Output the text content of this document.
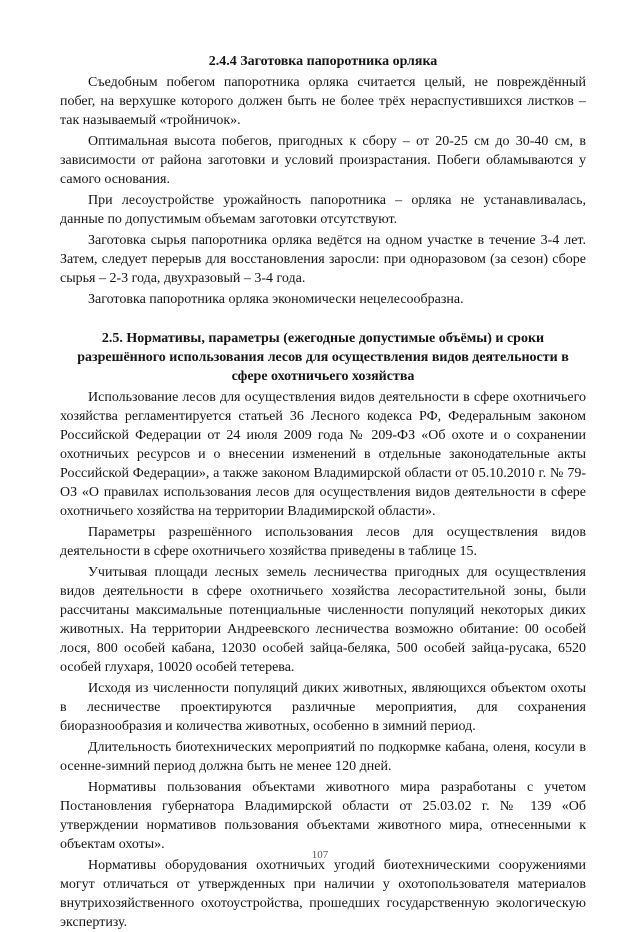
2.4.4 Заготовка папоротника орляка

Съедобным побегом папоротника орляка считается целый, не повреждённый побег, на верхушке которого должен быть не более трёх нераспустившихся листков – так называемый «тройничок».

Оптимальная высота побегов, пригодных к сбору – от 20-25 см до 30-40 см, в зависимости от района заготовки и условий произрастания. Побеги обламываются у самого основания.

При лесоустройстве урожайность папоротника – орляка не устанавливалась, данные по допустимым объемам заготовки отсутствуют.

Заготовка сырья папоротника орляка ведётся на одном участке в течение 3-4 лет. Затем, следует перерыв для восстановления заросли: при одноразовом (за сезон) сборе сырья – 2-3 года, двухразовый – 3-4 года.

Заготовка папоротника орляка экономически нецелесообразна.

2.5. Нормативы, параметры (ежегодные допустимые объёмы) и сроки разрешённого использования лесов для осуществления видов деятельности в сфере охотничьего хозяйства

Использование лесов для осуществления видов деятельности в сфере охотничьего хозяйства регламентируется статьей 36 Лесного кодекса РФ, Федеральным законом Российской Федерации от 24 июля 2009 года № 209-ФЗ «Об охоте и о сохранении охотничьих ресурсов и о внесении изменений в отдельные законодательные акты Российской Федерации», а также законом Владимирской области от 05.10.2010 г. № 79-ОЗ «О правилах использования лесов для осуществления видов деятельности в сфере охотничьего хозяйства на территории Владимирской области».

Параметры разрешённого использования лесов для осуществления видов деятельности в сфере охотничьего хозяйства приведены в таблице 15.

Учитывая площади лесных земель лесничества пригодных для осуществления видов деятельности в сфере охотничьего хозяйства лесорастительной зоны, были рассчитаны максимальные потенциальные численности популяций некоторых диких животных. На территории Андреевского лесничества возможно обитание: 00 особей лося, 800 особей кабана, 12030 особей зайца-беляка, 500 особей зайца-русака, 6520 особей глухаря, 10020 особей тетерева.

Исходя из численности популяций диких животных, являющихся объектом охоты в лесничестве проектируются различные мероприятия, для сохранения биоразнообразия и количества животных, особенно в зимний период.

Длительность биотехнических мероприятий по подкормке кабана, оленя, косули в осенне-зимний период должна быть не менее 120 дней.

Нормативы пользования объектами животного мира разработаны с учетом Постановления губернатора Владимирской области от 25.03.02 г. № 139 «Об утверждении нормативов пользования объектами животного мира, отнесенными к объектам охоты».

Нормативы оборудования охотничьих угодий биотехническими сооружениями могут отличаться от утвержденных при наличии у охотопользователя материалов внутрихозяйственного охотоустройства, прошедших государственную экологическую экспертизу.

107
